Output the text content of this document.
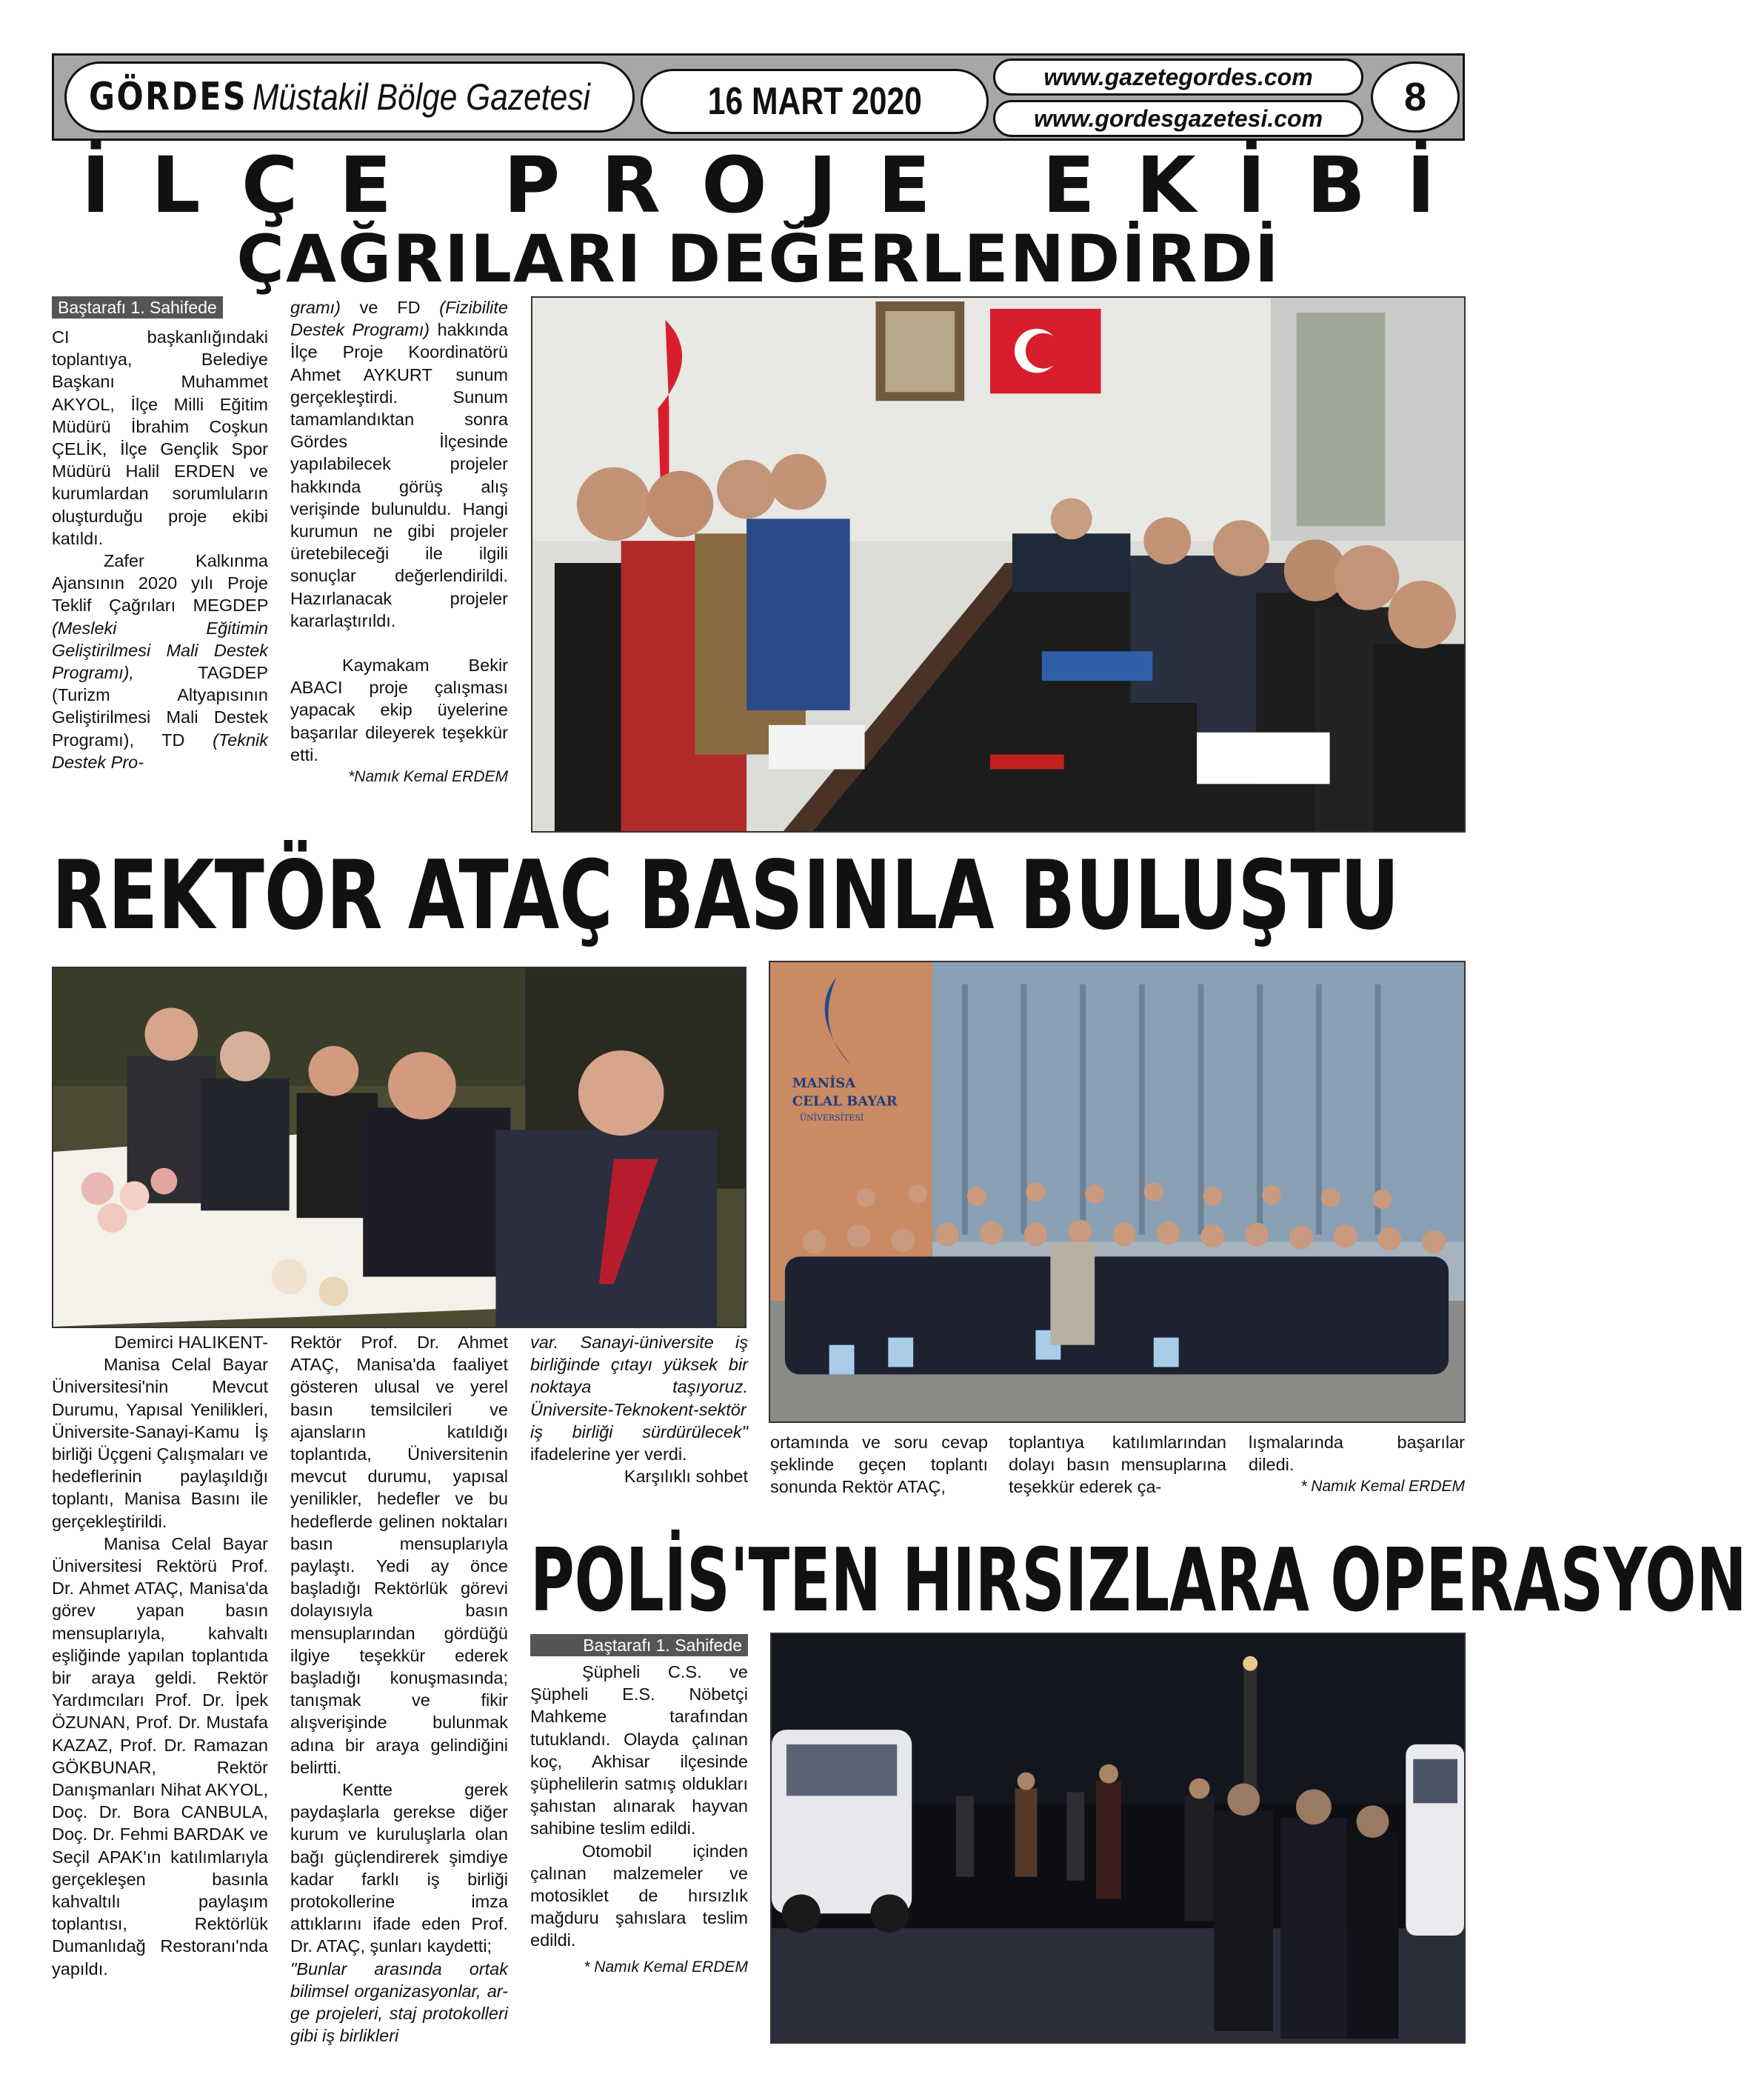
GÖRDES Müstakil Bölge Gazetesi	16 MART 2020
www.gazetegordes.com
www.gordesgazetesi.com 8
İ L Ç E P R O J E E K İ B İ
ÇAĞRILARI DEĞERLENDİRDİ
Baştarafı 1. Sahifede

CI başkanlığındaki toplantıya, Belediye Başkanı Muhammet AKYOL, İlçe Milli Eğitim Müdürü İbrahim Coşkun ÇELİK, İlçe Gençlik Spor Müdürü Halil ERDEN ve kurumlardan sorumluların oluşturduğu proje ekibi katıldı.

Zafer Kalkınma Ajansının 2020 yılı Proje Teklif Çağrıları MEGDEP (Mesleki Eğitimin Geliştirilmesi Mali Destek Programı),	TAGDEP (Turizm Altyapısının Geliştirilmesi Mali Destek Programı), TD (Teknik Destek Pro-

gramı) ve FD (Fizibilite Destek Programı) hakkında İlçe Proje Koordinatörü Ahmet AYKURT sunum gerçekleştirdi. Sunum tamamlandıktan sonra Gördes İlçesinde yapılabilecek projeler hakkında görüş alış verişinde bulunuldu. Hangi kurumun ne gibi projeler üretebileceği ile ilgili sonuçlar değerlendirildi. Hazırlanacak projeler kararlaştırıldı.

Kaymakam Bekir ABACI proje çalışması yapacak ekip üyelerine başarılar dileyerek teşekkür etti.

*Namık Kemal ERDEM
REKTÖR ATAÇ BASINLA BULUŞTU
MANİSA
CELAL BAYAR
ÜNİVERSİTESİ

Demirci HALIKENT-

Manisa Celal Bayar Üniversitesi'nin Mevcut Durumu, Yapısal Yenilikleri, Üniversite-Sanayi-Kamu İş birliği Üçgeni Çalışmaları ve hedeflerinin paylaşıldığı toplantı, Manisa Basını ile gerçekleştirildi.

Manisa Celal Bayar Üniversitesi Rektörü Prof. Dr. Ahmet ATAÇ, Manisa'da görev yapan basın mensuplarıyla, kahvaltı eşliğinde yapılan toplantıda bir araya geldi. Rektör Yardımcıları Prof. Dr. İpek ÖZUNAN, Prof. Dr. Mustafa KAZAZ, Prof. Dr. Ramazan GÖKBUNAR, Rektör Danışmanları Nihat AKYOL, Doç. Dr. Bora CANBULA, Doç. Dr. Fehmi BARDAK ve Seçil APAK'ın katılımlarıyla gerçekleşen basınla kahvaltılı paylaşım toplantısı, Rektörlük Dumanlıdağ Restoranı'nda yapıldı.

Rektör Prof. Dr. Ahmet ATAÇ, Manisa'da faaliyet gösteren ulusal ve yerel basın temsilcileri ve ajansların katıldığı toplantıda, Üniversitenin mevcut durumu, yapısal yenilikler, hedefler ve bu hedeflerde gelinen noktaları basın mensuplarıyla paylaştı. Yedi ay önce başladığı Rektörlük görevi dolayısıyla basın mensuplarından gördüğü ilgiye teşekkür ederek başladığı konuşmasında; tanışmak ve fikir alışverişinde bulunmak adına bir araya gelindiğini belirtti.

Kentte gerek paydaşlarla gerekse diğer kurum ve kuruluşlarla olan bağı güçlendirerek şimdiye kadar farklı iş birliği protokollerine imza attıklarını ifade eden Prof. Dr. ATAÇ, şunları kaydetti;

"Bunlar arasında ortak bilimsel organizasyonlar, ar-ge projeleri, staj protokolleri gibi iş birlikleri

var. Sanayi-üniversite iş birliğinde çıtayı yüksek bir noktaya taşıyoruz. Üniversite-Teknokent-sektör iş birliği sürdürülecek" ifadelerine yer verdi.

Karşılıklı sohbet

ortamında ve soru cevap şeklinde geçen toplantı sonunda Rektör ATAÇ,

toplantıya katılımlarından dolayı basın mensuplarına teşekkür ederek ça-

lışmalarında başarılar diledi.

* Namık Kemal ERDEM
POLİS'TEN HIRSIZLARA OPERASYON
Baştarafı 1. Sahifede

Şüpheli C.S. ve Şüpheli E.S. Nöbetçi Mahkeme tarafından tutuklandı. Olayda çalınan koç, Akhisar ilçesinde şüphelilerin satmış oldukları şahıstan alınarak hayvan sahibine teslim edildi.

Otomobil içinden çalınan malzemeler ve motosiklet de hırsızlık mağduru şahıslara teslim edildi.

* Namık Kemal ERDEM
